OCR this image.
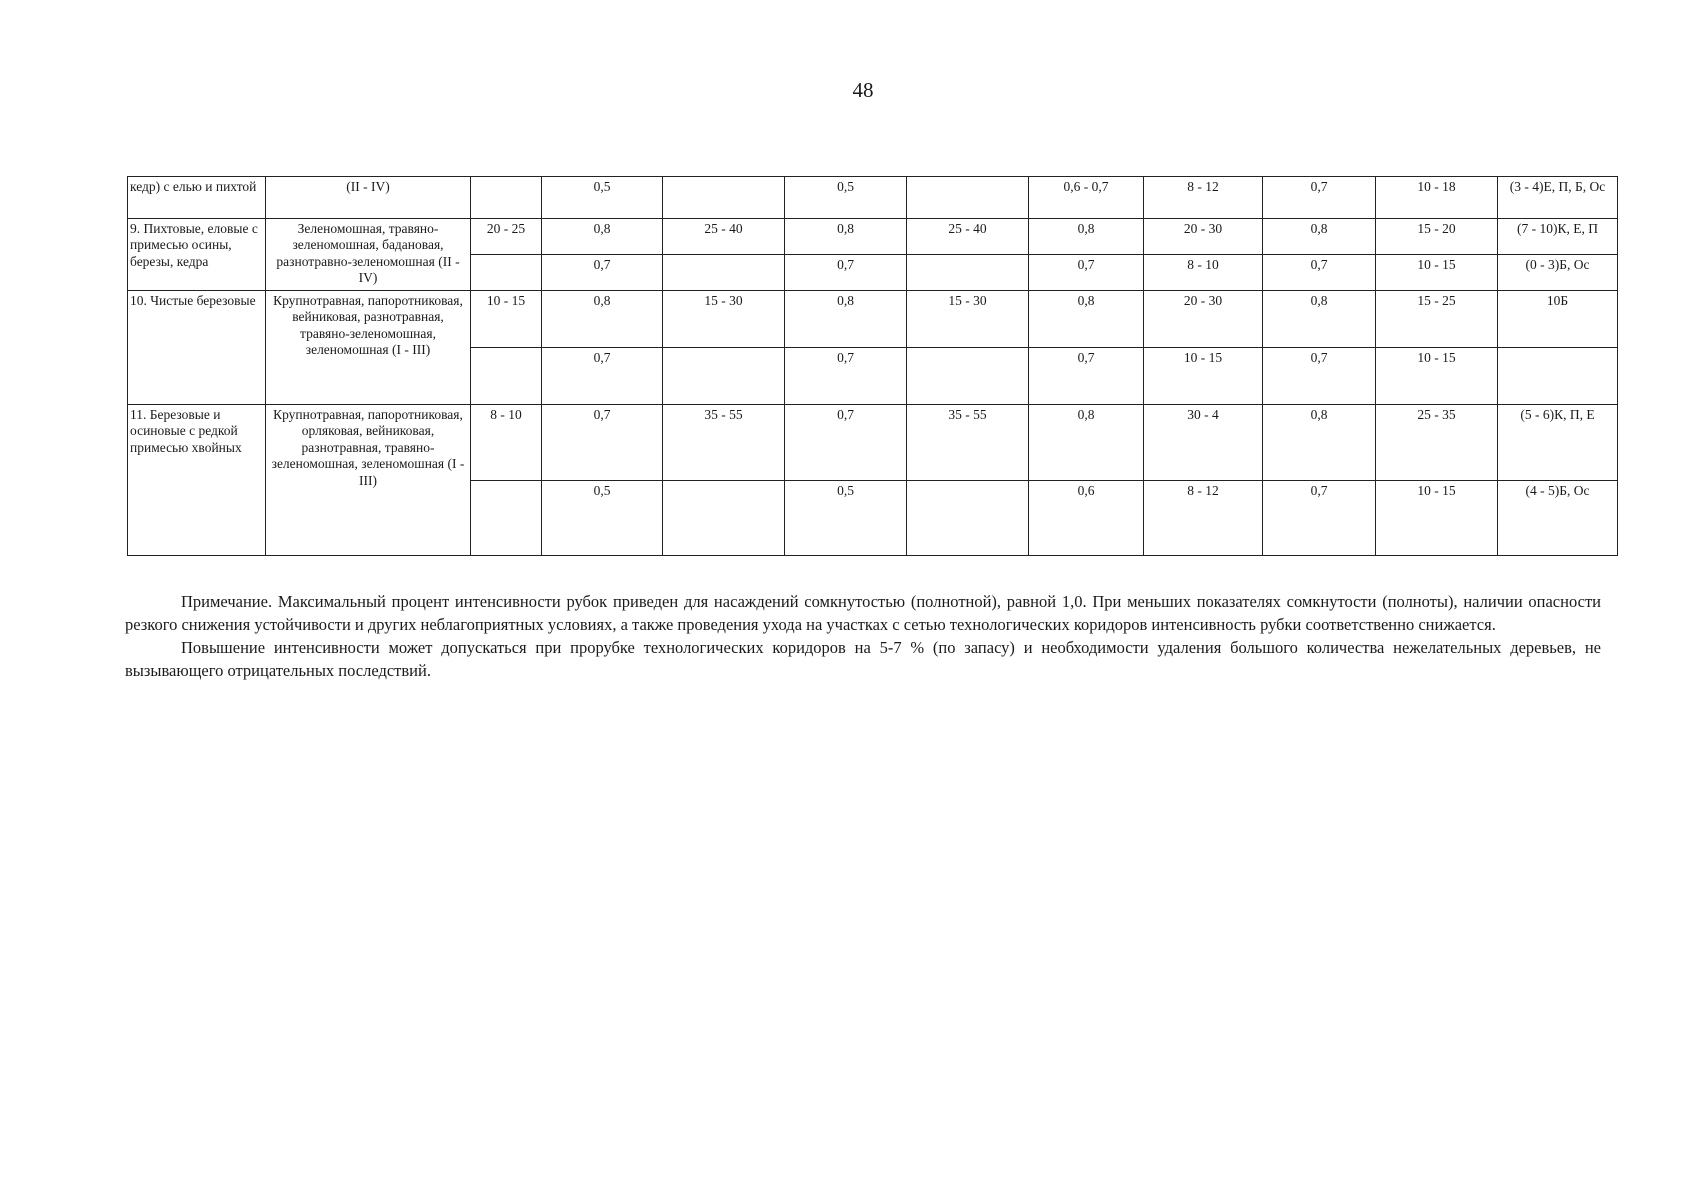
48
кедр) с елью и пихтой	(II - IV)		0,5		0,5		0,6 - 0,7	8 - 12	0,7	10 - 18	(3 - 4)Е, П, Б, Ос
9. Пихтовые, еловые с примесью осины, березы, кедра	Зеленомошная, травяно-зеленомошная, бадановая, разнотравно-зеленомошная (II - IV)	20 - 25	0,8	25 - 40	0,8	25 - 40	0,8	20 - 30	0,8	15 - 20	(7 - 10)К, Е, П
			0,7		0,7		0,7	8 - 10	0,7	10 - 15	(0 - 3)Б, Ос
10. Чистые березовые	Крупнотравная, папоротниковая, вейниковая, разнотравная, травяно-зеленомошная, зеленомошная (I - III)	10 - 15	0,8	15 - 30	0,8	15 - 30	0,8	20 - 30	0,8	15 - 25	10Б
			0,7		0,7		0,7	10 - 15	0,7	10 - 15	
11. Березовые и осиновые с редкой примесью хвойных	Крупнотравная, папоротниковая, орляковая, вейниковая, разнотравная, травяно-зеленомошная, зеленомошная (I - III)	8 - 10	0,7	35 - 55	0,7	35 - 55	0,8	30 - 4	0,8	25 - 35	(5 - 6)К, П, Е
			0,5		0,5		0,6	8 - 12	0,7	10 - 15	(4 - 5)Б, Ос

Примечание. Максимальный процент интенсивности рубок приведен для насаждений сомкнутостью (полнотной), равной 1,0. При меньших показателях сомкнутости (полноты), наличии опасности резкого снижения устойчивости и других неблагоприятных условиях, а также проведения ухода на участках с сетью технологических коридоров интенсивность рубки соответственно снижается.

Повышение интенсивности может допускаться при прорубке технологических коридоров на 5-7 % (по запасу) и необходимости удаления большого количества нежелательных деревьев, не вызывающего отрицательных последствий.
